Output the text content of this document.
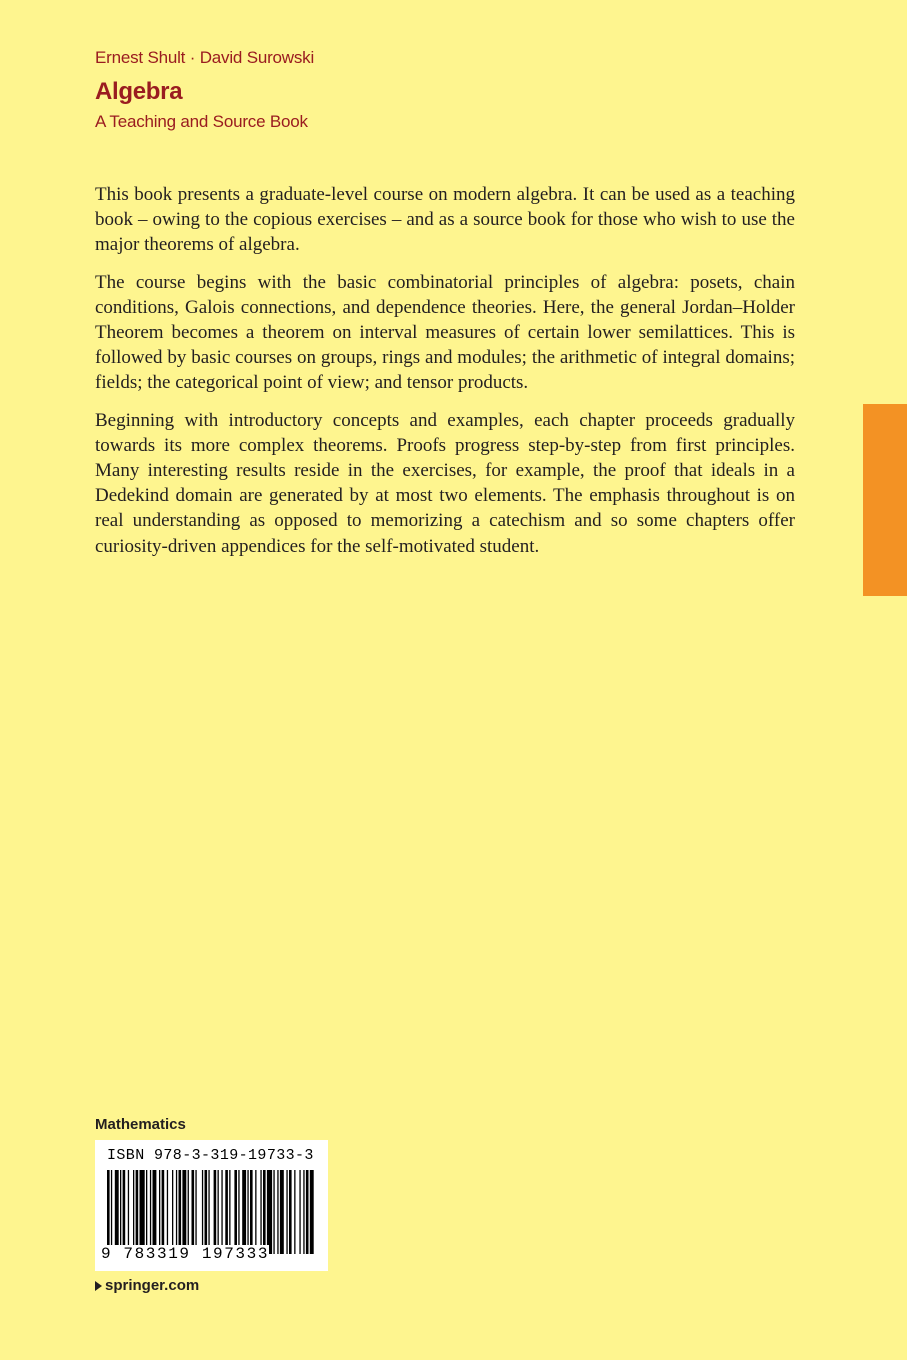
Ernest Shult · David Surowski
Algebra
A Teaching and Source Book

This book presents a graduate-level course on modern algebra. It can be used as a teaching book – owing to the copious exercises – and as a source book for those who wish to use the major theorems of algebra.

The course begins with the basic combinatorial principles of algebra: posets, chain conditions, Galois connections, and dependence theories. Here, the general Jordan–Holder Theorem becomes a theorem on interval measures of certain lower semilattices. This is followed by basic courses on groups, rings and modules; the arithmetic of integral domains; fields; the categorical point of view; and tensor products.

Beginning with introductory concepts and examples, each chapter proceeds gradually towards its more complex theorems. Proofs progress step-by-step from first principles. Many interesting results reside in the exercises, for example, the proof that ideals in a Dedekind domain are generated by at most two elements. The emphasis throughout is on real understanding as opposed to memorizing a catechism and so some chapters offer curiosity-driven appendices for the self-motivated student.

Mathematics
ISBN 978-3-319-19733-3
9 783319 197333
springer.com
